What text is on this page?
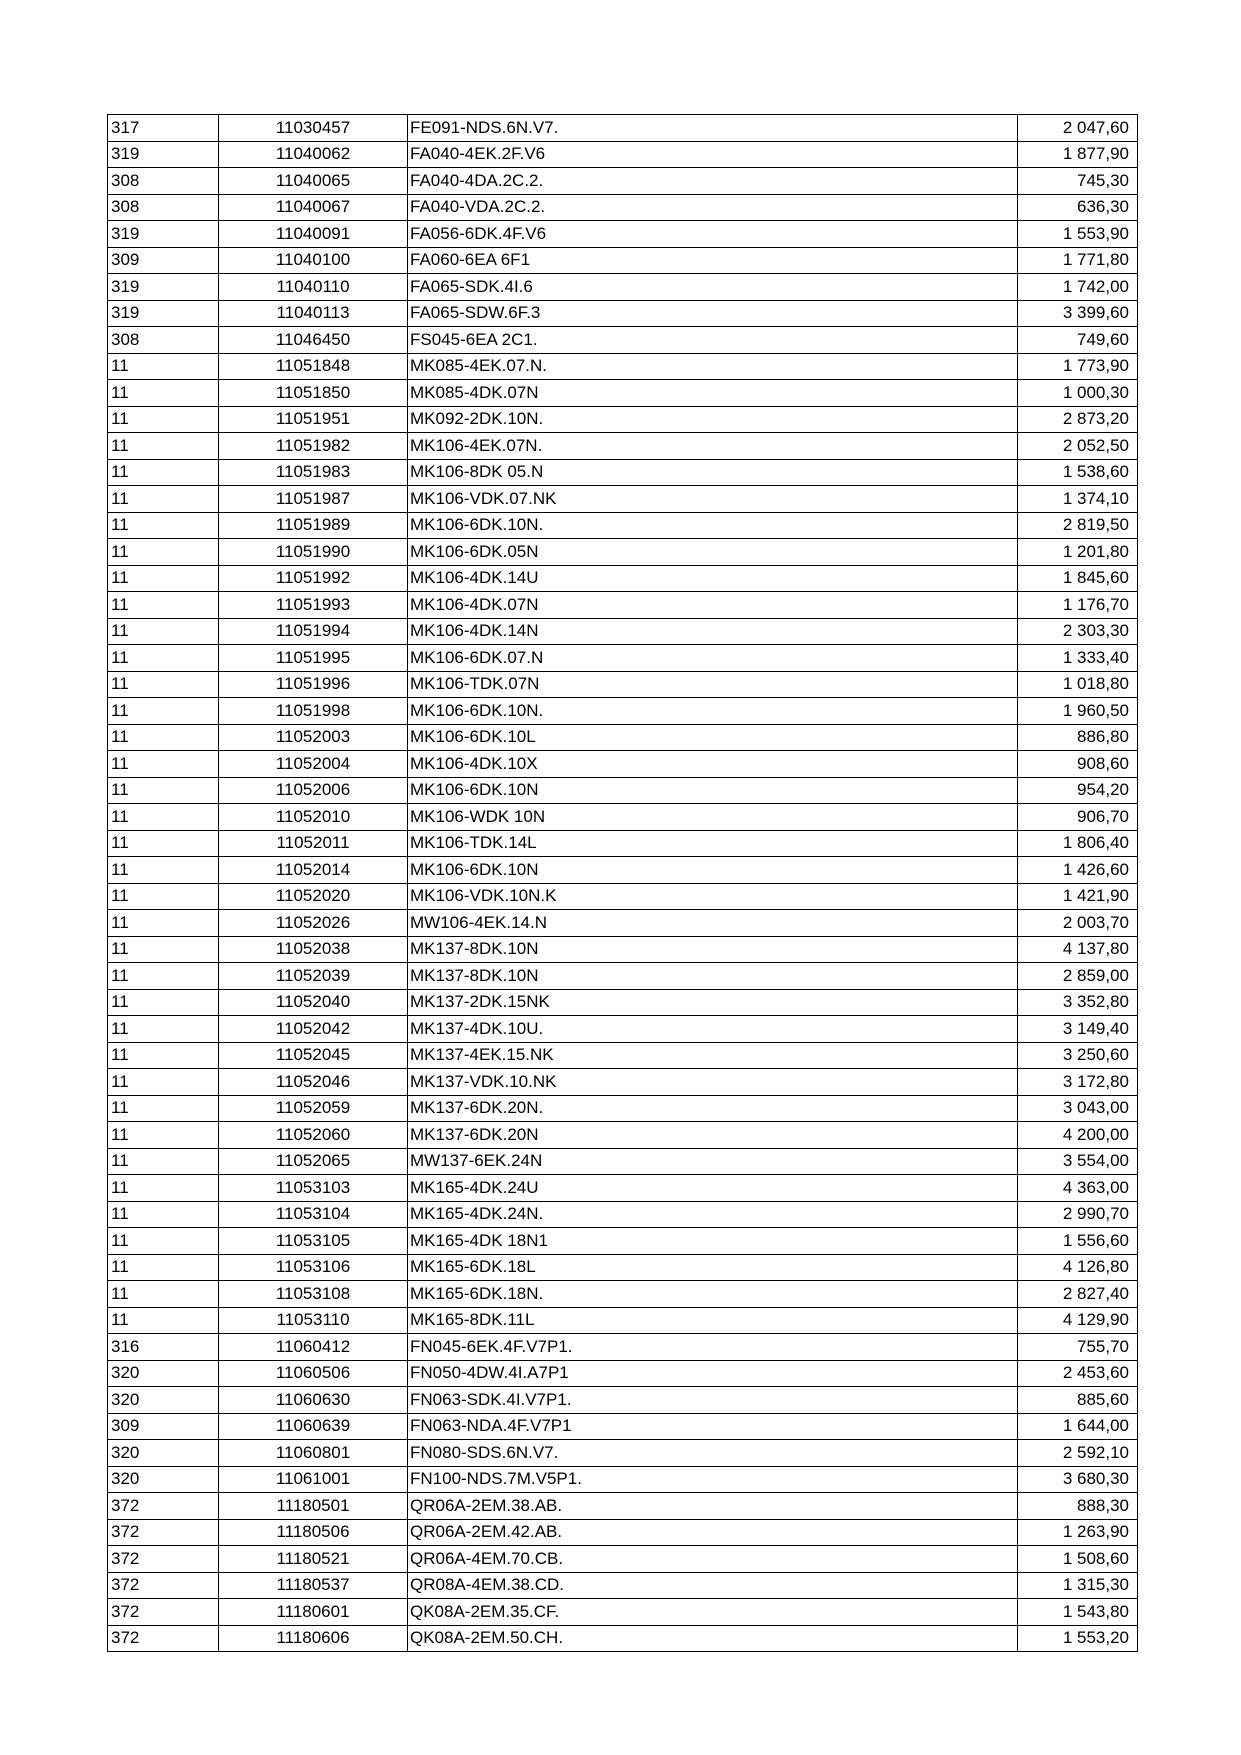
317	11030457	FE091-NDS.6N.V7.	2 047,60
319	11040062	FA040-4EK.2F.V6	1 877,90
308	11040065	FA040-4DA.2C.2.	745,30
308	11040067	FA040-VDA.2C.2.	636,30
319	11040091	FA056-6DK.4F.V6	1 553,90
309	11040100	FA060-6EA 6F1	1 771,80
319	11040110	FA065-SDK.4I.6	1 742,00
319	11040113	FA065-SDW.6F.3	3 399,60
308	11046450	FS045-6EA 2C1.	749,60
11	11051848	MK085-4EK.07.N.	1 773,90
11	11051850	MK085-4DK.07N	1 000,30
11	11051951	MK092-2DK.10N.	2 873,20
11	11051982	MK106-4EK.07N.	2 052,50
11	11051983	MK106-8DK 05.N	1 538,60
11	11051987	MK106-VDK.07.NK	1 374,10
11	11051989	MK106-6DK.10N.	2 819,50
11	11051990	MK106-6DK.05N	1 201,80
11	11051992	MK106-4DK.14U	1 845,60
11	11051993	MK106-4DK.07N	1 176,70
11	11051994	MK106-4DK.14N	2 303,30
11	11051995	MK106-6DK.07.N	1 333,40
11	11051996	MK106-TDK.07N	1 018,80
11	11051998	MK106-6DK.10N.	1 960,50
11	11052003	MK106-6DK.10L	886,80
11	11052004	MK106-4DK.10X	908,60
11	11052006	MK106-6DK.10N	954,20
11	11052010	MK106-WDK 10N	906,70
11	11052011	MK106-TDK.14L	1 806,40
11	11052014	MK106-6DK.10N	1 426,60
11	11052020	MK106-VDK.10N.K	1 421,90
11	11052026	MW106-4EK.14.N	2 003,70
11	11052038	MK137-8DK.10N	4 137,80
11	11052039	MK137-8DK.10N	2 859,00
11	11052040	MK137-2DK.15NK	3 352,80
11	11052042	MK137-4DK.10U.	3 149,40
11	11052045	MK137-4EK.15.NK	3 250,60
11	11052046	MK137-VDK.10.NK	3 172,80
11	11052059	MK137-6DK.20N.	3 043,00
11	11052060	MK137-6DK.20N	4 200,00
11	11052065	MW137-6EK.24N	3 554,00
11	11053103	MK165-4DK.24U	4 363,00
11	11053104	MK165-4DK.24N.	2 990,70
11	11053105	MK165-4DK 18N1	1 556,60
11	11053106	MK165-6DK.18L	4 126,80
11	11053108	MK165-6DK.18N.	2 827,40
11	11053110	MK165-8DK.11L	4 129,90
316	11060412	FN045-6EK.4F.V7P1.	755,70
320	11060506	FN050-4DW.4I.A7P1	2 453,60
320	11060630	FN063-SDK.4I.V7P1.	885,60
309	11060639	FN063-NDA.4F.V7P1	1 644,00
320	11060801	FN080-SDS.6N.V7.	2 592,10
320	11061001	FN100-NDS.7M.V5P1.	3 680,30
372	11180501	QR06A-2EM.38.AB.	888,30
372	11180506	QR06A-2EM.42.AB.	1 263,90
372	11180521	QR06A-4EM.70.CB.	1 508,60
372	11180537	QR08A-4EM.38.CD.	1 315,30
372	11180601	QK08A-2EM.35.CF.	1 543,80
372	11180606	QK08A-2EM.50.CH.	1 553,20
